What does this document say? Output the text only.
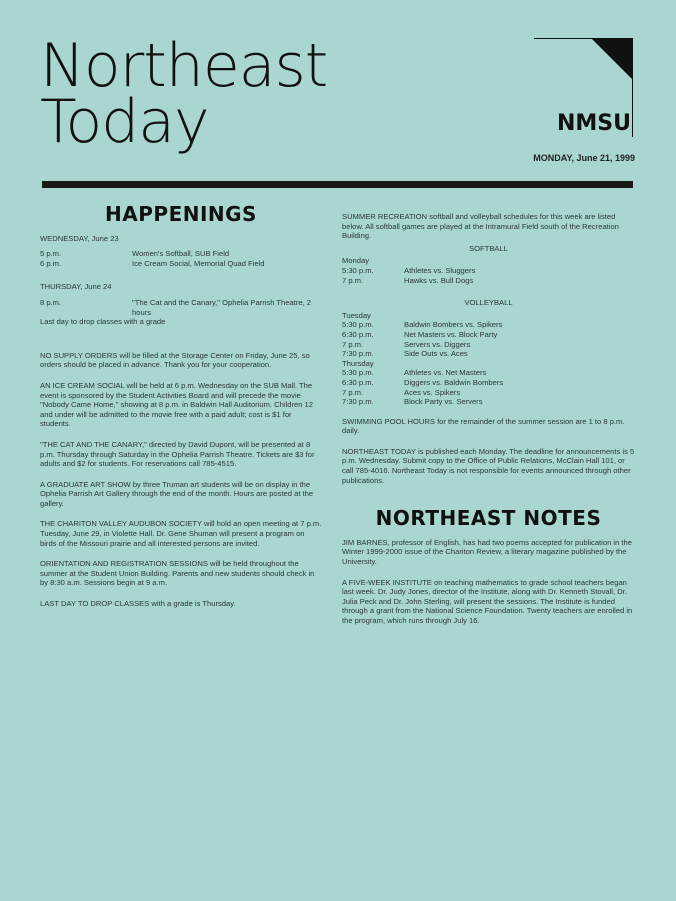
Northeast

Today	NMSU
MONDAY, June 21, 1999
HAPPENINGS
WEDNESDAY, June 23
5 p.m.	Women's Softball, SUB Field
6 p.m.	Ice Cream Social, Memorial Quad Field
THURSDAY, June 24
8 p.m.	"The Cat and the Canary," Ophelia Parrish Theatre, 2 hours
Last day to drop classes with a grade

NO SUPPLY ORDERS will be filled at the Storage Center on Friday, June 25, so orders should be placed in advance. Thank you for your cooperation.

AN ICE CREAM SOCIAL will be held at 6 p.m. Wednesday on the SUB Mall. The event is sponsored by the Student Activities Board and will precede the movie "Nobody Came Home," showing at 8 p.m. in Baldwin Hall Auditorium. Children 12 and under will be admitted to the movie free with a paid adult; cost is $1 for students.

"THE CAT AND THE CANARY," directed by David Dupont, will be presented at 8 p.m. Thursday through Saturday in the Ophelia Parrish Theatre. Tickets are $3 for adults and $2 for students. For reservations call 785-4515.

A GRADUATE ART SHOW by three Truman art students will be on display in the Ophelia Parrish Art Gallery through the end of the month. Hours are posted at the gallery.

THE CHARITON VALLEY AUDUBON SOCIETY will hold an open meeting at 7 p.m. Tuesday, June 29, in Violette Hall. Dr. Gene Shuman will present a program on birds of the Missouri prairie and all interested persons are invited.

ORIENTATION AND REGISTRATION SESSIONS will be held throughout the summer at the Student Union Building. Parents and new students should check in by 8:30 a.m. Sessions begin at 9 a.m.

LAST DAY TO DROP CLASSES with a grade is Thursday.

SUMMER RECREATION softball and volleyball schedules for this week are listed below. All softball games are played at the Intramural Field south of the Recreation Building.

SOFTBALL
Monday
5:30 p.m.	Athletes vs. Sluggers
7 p.m.	Hawks vs. Bull Dogs
VOLLEYBALL
Tuesday
5:30 p.m.	Baldwin Bombers vs. Spikers
6:30 p.m.	Net Masters vs. Block Party
7 p.m.	Servers vs. Diggers
7:30 p.m.	Side Outs vs. Aces
Thursday
5:30 p.m.	Athletes vs. Net Masters
6:30 p.m.	Diggers vs. Baldwin Bombers
7 p.m.	Aces vs. Spikers
7:30 p.m.	Block Party vs. Servers

SWIMMING POOL HOURS for the remainder of the summer session are 1 to 8 p.m. daily.

NORTHEAST TODAY is published each Monday. The deadline for announcements is 5 p.m. Wednesday. Submit copy to the Office of Public Relations, McClain Hall 101, or call 785-4016. Northeast Today is not responsible for events announced through other publications.

NORTHEAST NOTES

JIM BARNES, professor of English, has had two poems accepted for publication in the Winter 1999-2000 issue of the Chariton Review, a literary magazine published by the University.

A FIVE-WEEK INSTITUTE on teaching mathematics to grade school teachers began last week. Dr. Judy Jones, director of the Institute, along with Dr. Kenneth Stovall, Dr. Julia Peck and Dr. John Sterling, will present the sessions. The Institute is funded through a grant from the National Science Foundation. Twenty teachers are enrolled in the program, which runs through July 16.
